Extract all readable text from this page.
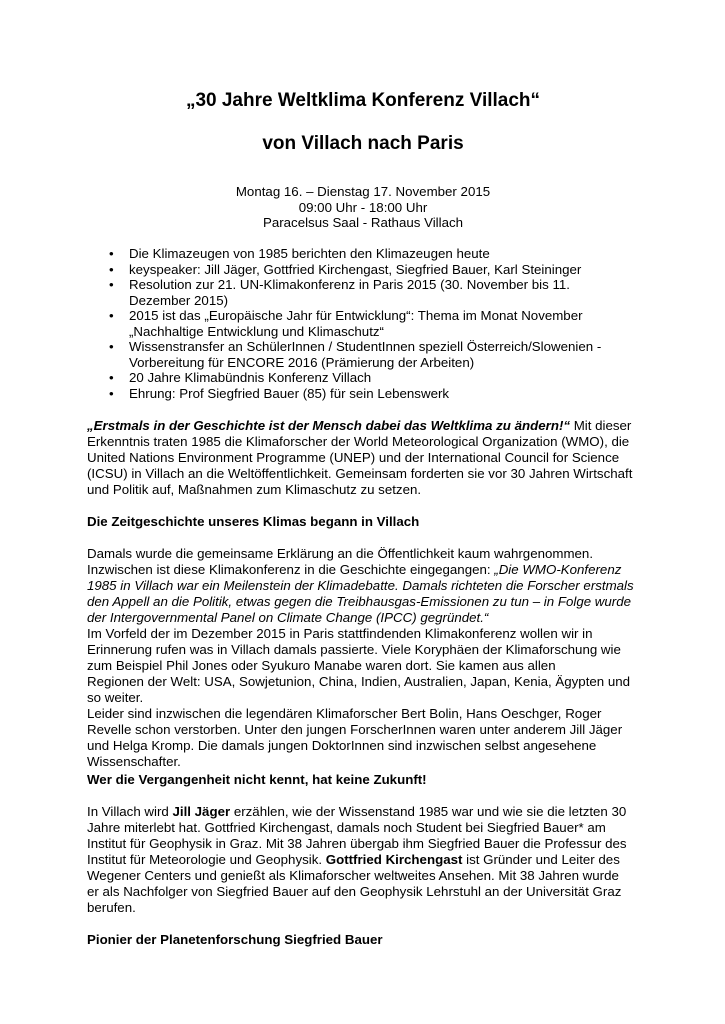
„30 Jahre Weltklima Konferenz Villach“
von Villach nach Paris
Montag 16. – Dienstag 17. November 2015
09:00 Uhr - 18:00 Uhr
Paracelsus Saal - Rathaus Villach
• Die Klimazeugen von 1985 berichten den Klimazeugen heute
• keyspeaker: Jill Jäger, Gottfried Kirchengast, Siegfried Bauer, Karl Steininger
• Resolution zur 21. UN-Klimakonferenz in Paris 2015 (30. November bis 11.
Dezember 2015)
• 2015 ist das „Europäische Jahr für Entwicklung“: Thema im Monat November
„Nachhaltige Entwicklung und Klimaschutz“
• Wissenstransfer an SchülerInnen / StudentInnen speziell Österreich/Slowenien -
Vorbereitung für ENCORE 2016 (Prämierung der Arbeiten)
• 20 Jahre Klimabündnis Konferenz Villach
• Ehrung: Prof Siegfried Bauer (85) für sein Lebenswerk
„Erstmals in der Geschichte ist der Mensch dabei das Weltklima zu ändern!“ Mit dieser
Erkenntnis traten 1985 die Klimaforscher der World Meteorological Organization (WMO), die
United Nations Environment Programme (UNEP) und der International Council for Science
(ICSU) in Villach an die Weltöffentlichkeit. Gemeinsam forderten sie vor 30 Jahren Wirtschaft
und Politik auf, Maßnahmen zum Klimaschutz zu setzen.
Die Zeitgeschichte unseres Klimas begann in Villach
Damals wurde die gemeinsame Erklärung an die Öffentlichkeit kaum wahrgenommen.
Inzwischen ist diese Klimakonferenz in die Geschichte eingegangen: „Die WMO-Konferenz
1985 in Villach war ein Meilenstein der Klimadebatte. Damals richteten die Forscher erstmals
den Appell an die Politik, etwas gegen die Treibhausgas-Emissionen zu tun – in Folge wurde
der Intergovernmental Panel on Climate Change (IPCC) gegründet.“
Im Vorfeld der im Dezember 2015 in Paris stattfindenden Klimakonferenz wollen wir in
Erinnerung rufen was in Villach damals passierte. Viele Koryphäen der Klimaforschung wie
zum Beispiel Phil Jones oder Syukuro Manabe waren dort. Sie kamen aus allen
Regionen der Welt: USA, Sowjetunion, China, Indien, Australien, Japan, Kenia, Ägypten und
so weiter.
Leider sind inzwischen die legendären Klimaforscher Bert Bolin, Hans Oeschger, Roger
Revelle schon verstorben. Unter den jungen ForscherInnen waren unter anderem Jill Jäger
und Helga Kromp. Die damals jungen DoktorInnen sind inzwischen selbst angesehene
Wissenschafter.
Wer die Vergangenheit nicht kennt, hat keine Zukunft!
In Villach wird Jill Jäger erzählen, wie der Wissenstand 1985 war und wie sie die letzten 30
Jahre miterlebt hat. Gottfried Kirchengast, damals noch Student bei Siegfried Bauer* am
Institut für Geophysik in Graz. Mit 38 Jahren übergab ihm Siegfried Bauer die Professur des
Institut für Meteorologie und Geophysik. Gottfried Kirchengast ist Gründer und Leiter des
Wegener Centers und genießt als Klimaforscher weltweites Ansehen. Mit 38 Jahren wurde
er als Nachfolger von Siegfried Bauer auf den Geophysik Lehrstuhl an der Universität Graz
berufen.
Pionier der Planetenforschung Siegfried Bauer
